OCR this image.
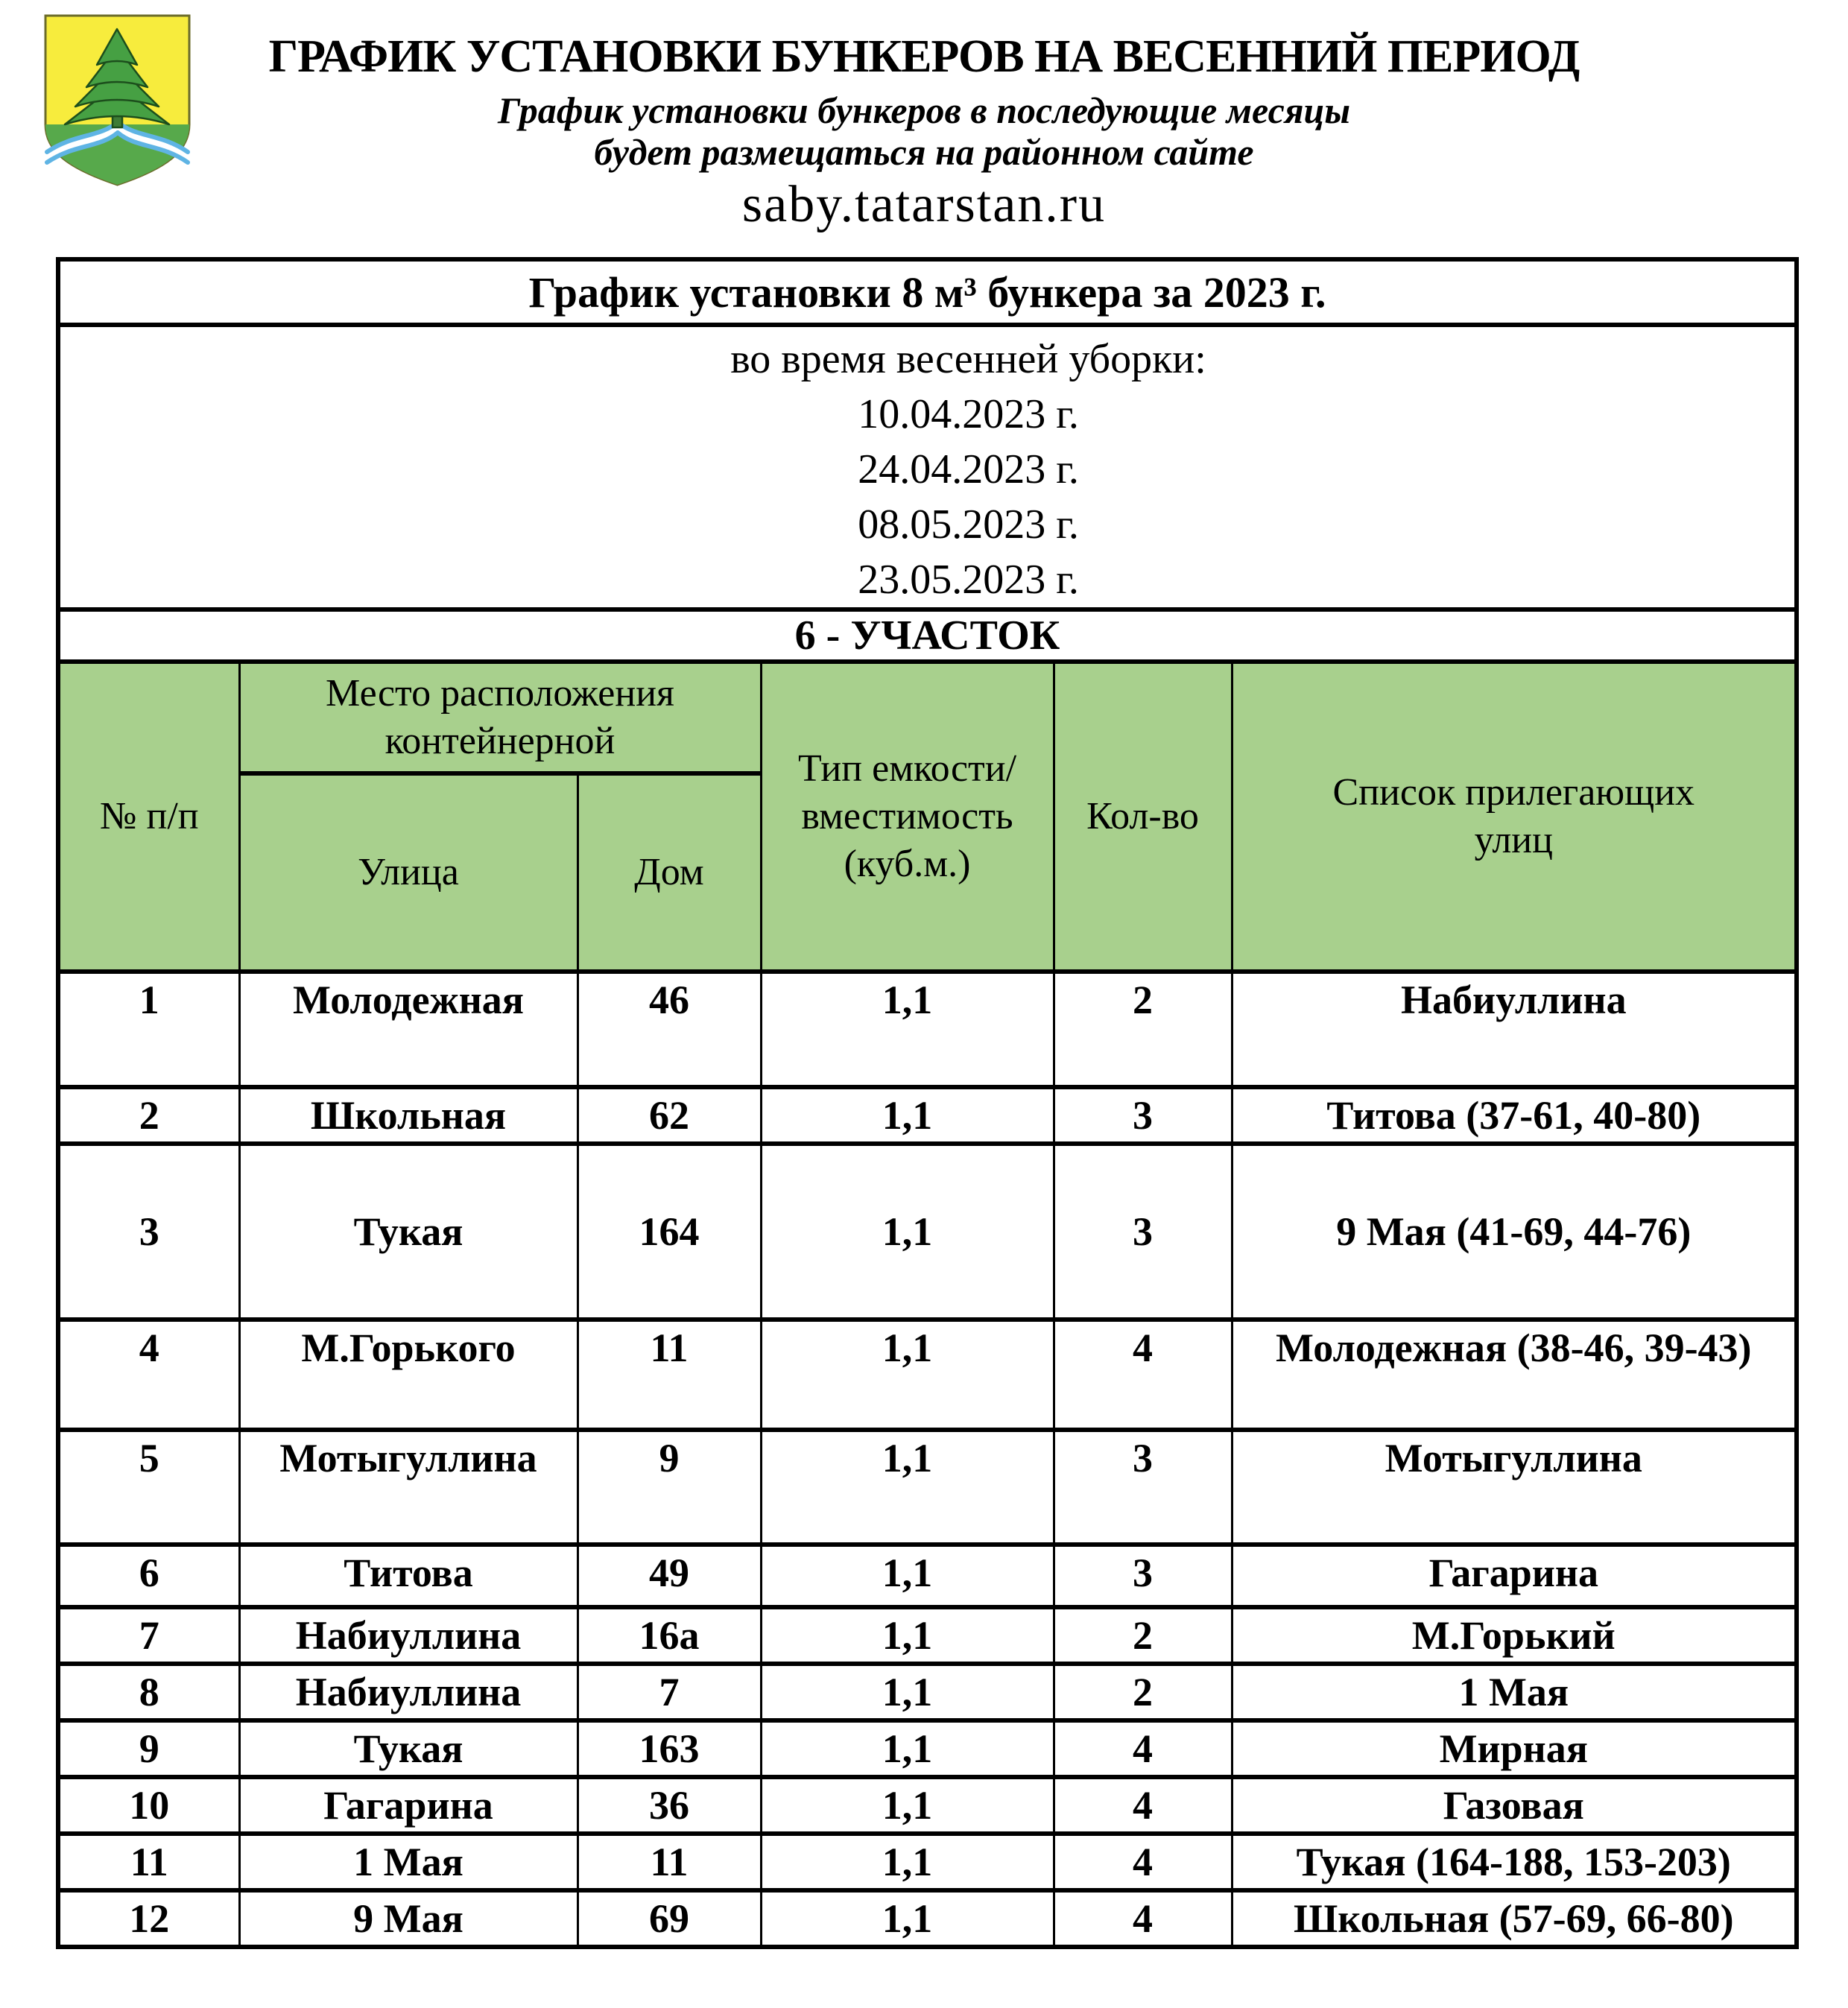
ГРАФИК УСТАНОВКИ БУНКЕРОВ НА ВЕСЕННИЙ ПЕРИОД
График установки бункеров в последующие месяцы
будет размещаться на районном сайте
saby.tatarstan.ru
График установки 8 м³ бункера за 2023 г.					

во время весенней уборки:
10.04.2023 г.
24.04.2023 г.
08.05.2023 г.
23.05.2023 г.					

6 - УЧАСТОК					
№ п/п	Место расположения контейнерной		Тип емкости/ вместимость (куб.м.)	Кол-во	Список прилегающих улиц
	Улица	Дом			
1	Молодежная	46	1,1	2	Набиуллина
2	Школьная	62	1,1	3	Титова (37-61, 40-80)
3	Тукая	164	1,1	3	9 Мая (41-69, 44-76)
4	М.Горького	11	1,1	4	Молодежная (38-46, 39-43)
5	Мотыгуллина	9	1,1	3	Мотыгуллина
6	Титова	49	1,1	3	Гагарина
7	Набиуллина	16а	1,1	2	М.Горький
8	Набиуллина	7	1,1	2	1 Мая
9	Тукая	163	1,1	4	Мирная
10	Гагарина	36	1,1	4	Газовая
11	1 Мая	11	1,1	4	Тукая (164-188, 153-203)
12	9 Мая	69	1,1	4	Школьная (57-69, 66-80)
